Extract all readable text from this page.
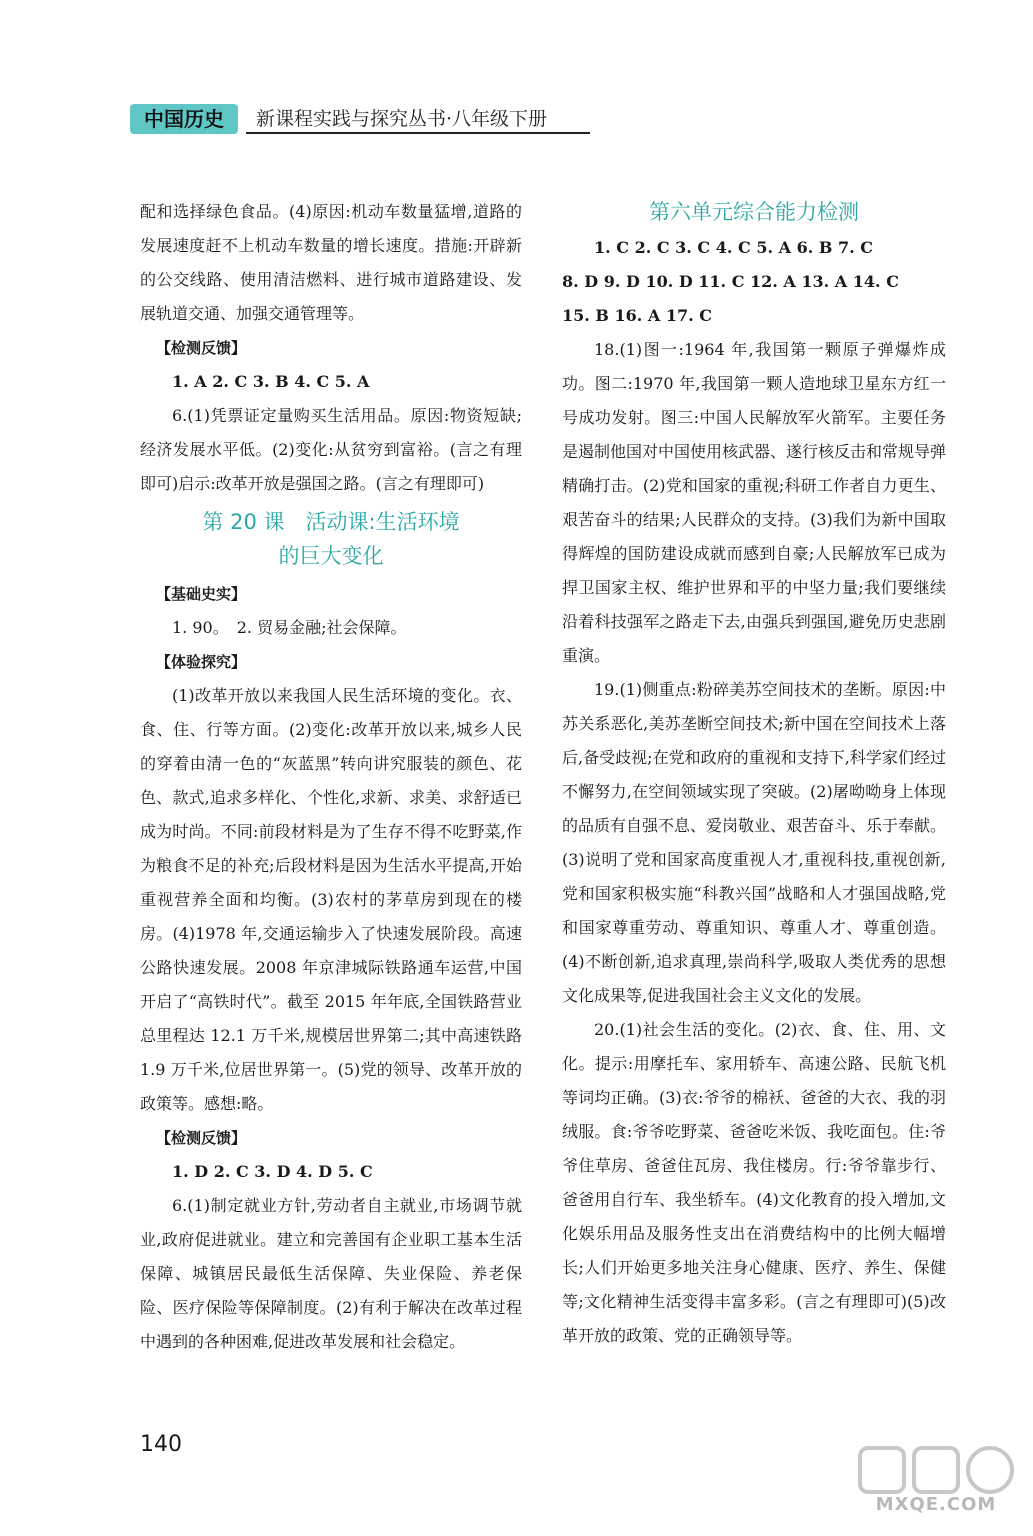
中国历史	新课程实践与探究丛书·八年级下册

配和选择绿色食品。(4)原因:机动车数量猛增,道路的发展速度赶不上机动车数量的增长速度。措施:开辟新的公交线路、使用清洁燃料、进行城市道路建设、发展轨道交通、加强交通管理等。

【检测反馈】

1. A 2. C 3. B 4. C 5. A

6.(1)凭票证定量购买生活用品。原因:物资短缺;经济发展水平低。(2)变化:从贫穷到富裕。(言之有理即可)启示:改革开放是强国之路。(言之有理即可)

第 20 课　活动课:生活环境
的巨大变化
【基础史实】

1. 90。　2. 贸易金融;社会保障。

【体验探究】

(1)改革开放以来我国人民生活环境的变化。衣、食、住、行等方面。(2)变化:改革开放以来,城乡人民的穿着由清一色的“灰蓝黑”转向讲究服装的颜色、花色、款式,追求多样化、个性化,求新、求美、求舒适已成为时尚。不同:前段材料是为了生存不得不吃野菜,作为粮食不足的补充;后段材料是因为生活水平提高,开始重视营养全面和均衡。(3)农村的茅草房到现在的楼房。(4)1978 年,交通运输步入了快速发展阶段。高速公路快速发展。2008 年京津城际铁路通车运营,中国开启了“高铁时代”。截至 2015 年年底,全国铁路营业总里程达 12.1 万千米,规模居世界第二;其中高速铁路 1.9 万千米,位居世界第一。(5)党的领导、改革开放的政策等。感想:略。

【检测反馈】

1. D 2. C 3. D 4. D 5. C

6.(1)制定就业方针,劳动者自主就业,市场调节就业,政府促进就业。建立和完善国有企业职工基本生活保障、城镇居民最低生活保障、失业保险、养老保险、医疗保险等保障制度。(2)有利于解决在改革过程中遇到的各种困难,促进改革发展和社会稳定。

第六单元综合能力检测

1. C 2. C 3. C 4. C 5. A 6. B 7. C

8. D 9. D 10. D 11. C 12. A 13. A 14. C

15. B 16. A 17. C

18.(1)图一:1964 年,我国第一颗原子弹爆炸成功。图二:1970 年,我国第一颗人造地球卫星东方红一号成功发射。图三:中国人民解放军火箭军。主要任务是遏制他国对中国使用核武器、遂行核反击和常规导弹精确打击。(2)党和国家的重视;科研工作者自力更生、艰苦奋斗的结果;人民群众的支持。(3)我们为新中国取得辉煌的国防建设成就而感到自豪;人民解放军已成为捍卫国家主权、维护世界和平的中坚力量;我们要继续沿着科技强军之路走下去,由强兵到强国,避免历史悲剧重演。

19.(1)侧重点:粉碎美苏空间技术的垄断。原因:中苏关系恶化,美苏垄断空间技术;新中国在空间技术上落后,备受歧视;在党和政府的重视和支持下,科学家们经过不懈努力,在空间领域实现了突破。(2)屠呦呦身上体现的品质有自强不息、爱岗敬业、艰苦奋斗、乐于奉献。(3)说明了党和国家高度重视人才,重视科技,重视创新,党和国家积极实施“科教兴国”战略和人才强国战略,党和国家尊重劳动、尊重知识、尊重人才、尊重创造。(4)不断创新,追求真理,崇尚科学,吸取人类优秀的思想文化成果等,促进我国社会主义文化的发展。

20.(1)社会生活的变化。(2)衣、食、住、用、文化。提示:用摩托车、家用轿车、高速公路、民航飞机等词均正确。(3)衣:爷爷的棉袄、爸爸的大衣、我的羽绒服。食:爷爷吃野菜、爸爸吃米饭、我吃面包。住:爷爷住草房、爸爸住瓦房、我住楼房。行:爷爷靠步行、爸爸用自行车、我坐轿车。(4)文化教育的投入增加,文化娱乐用品及服务性支出在消费结构中的比例大幅增长;人们开始更多地关注身心健康、医疗、养生、保健等;文化精神生活变得丰富多彩。(言之有理即可)(5)改革开放的政策、党的正确领导等。

140
MXQE.COM
